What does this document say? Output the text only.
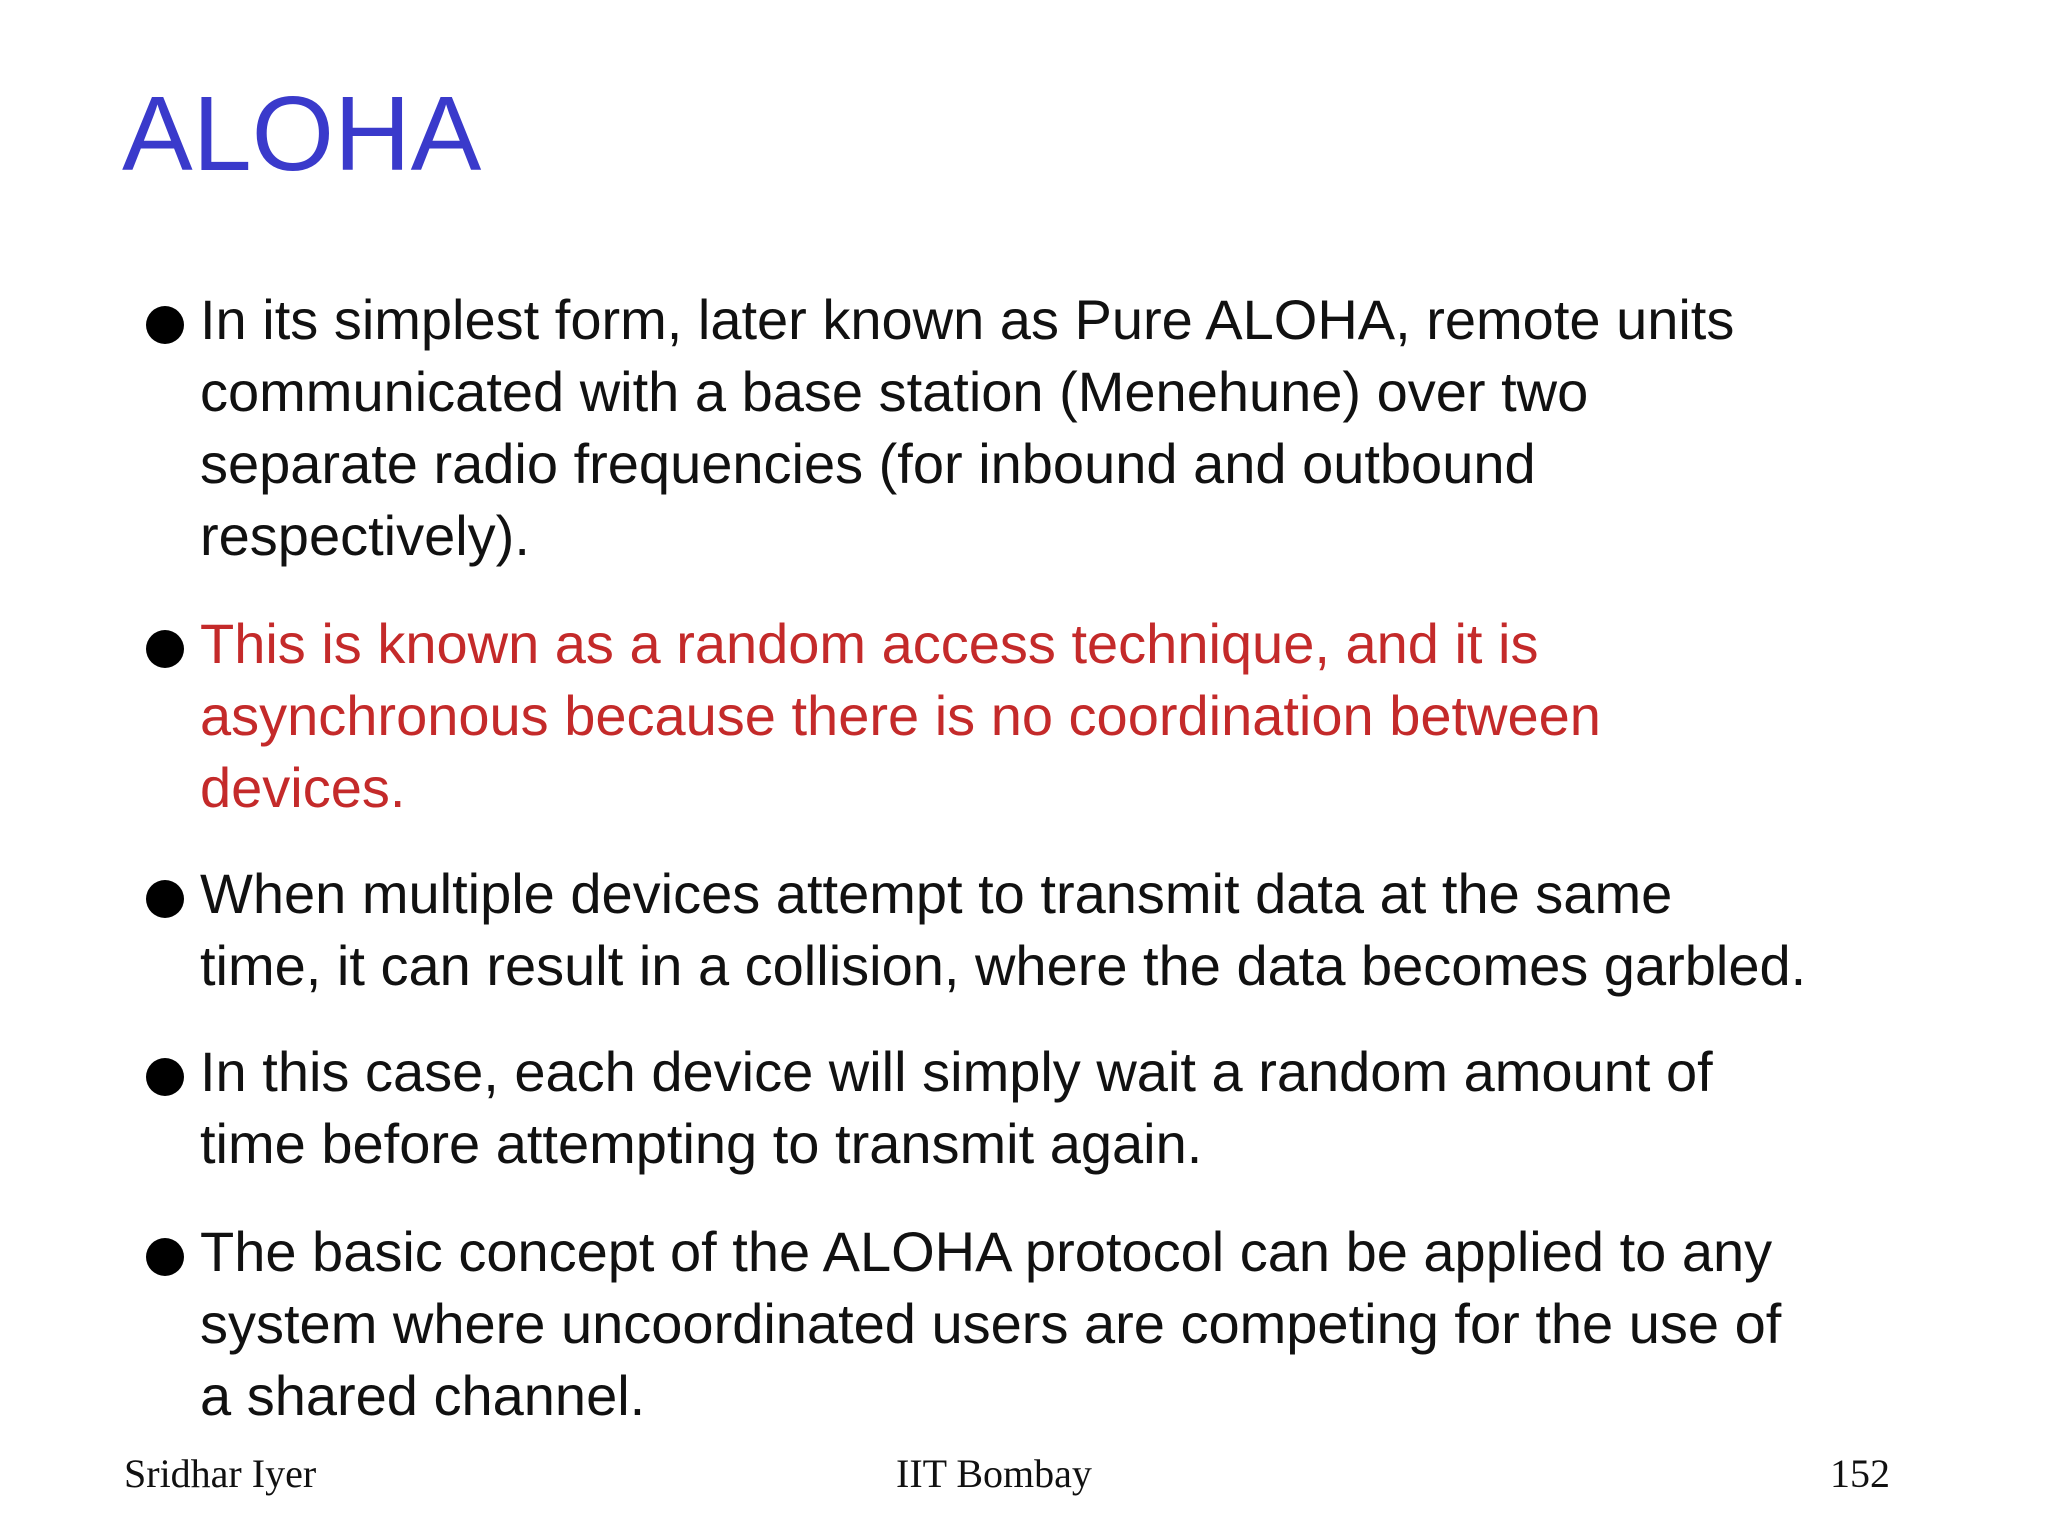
ALOHA
In its simplest form, later known as Pure ALOHA, remote units
communicated with a base station (Menehune) over two
separate radio frequencies (for inbound and outbound
respectively).
This is known as a random access technique, and it is
asynchronous because there is no coordination between
devices.
When multiple devices attempt to transmit data at the same
time, it can result in a collision, where the data becomes garbled.
In this case, each device will simply wait a random amount of
time before attempting to transmit again.
The basic concept of the ALOHA protocol can be applied to any
system where uncoordinated users are competing for the use of
a shared channel.
Sridhar Iyer	IIT Bombay	152
